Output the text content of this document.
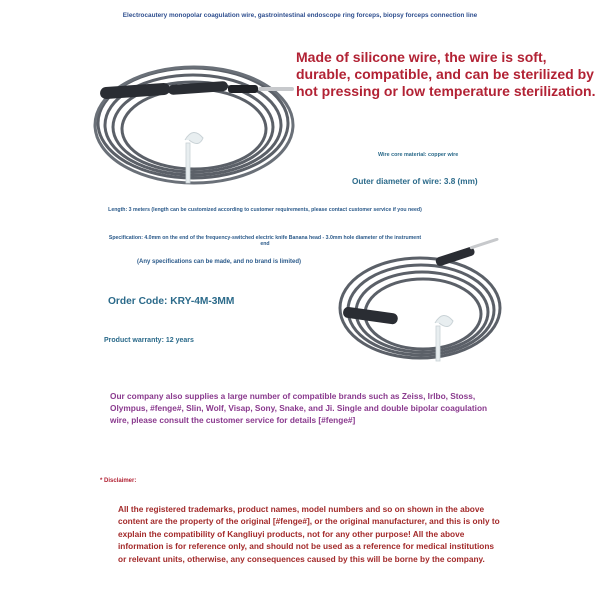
Electrocautery monopolar coagulation wire, gastrointestinal endoscope ring forceps, biopsy forceps connection line
Made of silicone wire, the wire is soft, durable, compatible, and can be sterilized by hot pressing or low temperature sterilization.
Wire core material: copper wire
Outer diameter of wire: 3.8 (mm)
Length: 3 meters (length can be customized according to customer requirements, please contact customer service if you need)
Specification: 4.0mm on the end of the frequency-switched electric knife Banana head - 3.0mm hole diameter of the instrument end
(Any specifications can be made, and no brand is limited)
Order Code: KRY-4M-3MM
Product warranty: 12 years
Our company also supplies a large number of compatible brands such as Zeiss, Irlbo, Stoss, Olympus, #fenge#, Slin, Wolf, Visap, Sony, Snake, and Ji. Single and double bipolar coagulation wire, please consult the customer service for details [#fenge#]
* Disclaimer:
All the registered trademarks, product names, model numbers and so on shown in the above content are the property of the original [#fenge#], or the original manufacturer, and this is only to explain the compatibility of Kangliuyi products, not for any other purpose! All the above information is for reference only, and should not be used as a reference for medical institutions or relevant units, otherwise, any consequences caused by this will be borne by the company.
